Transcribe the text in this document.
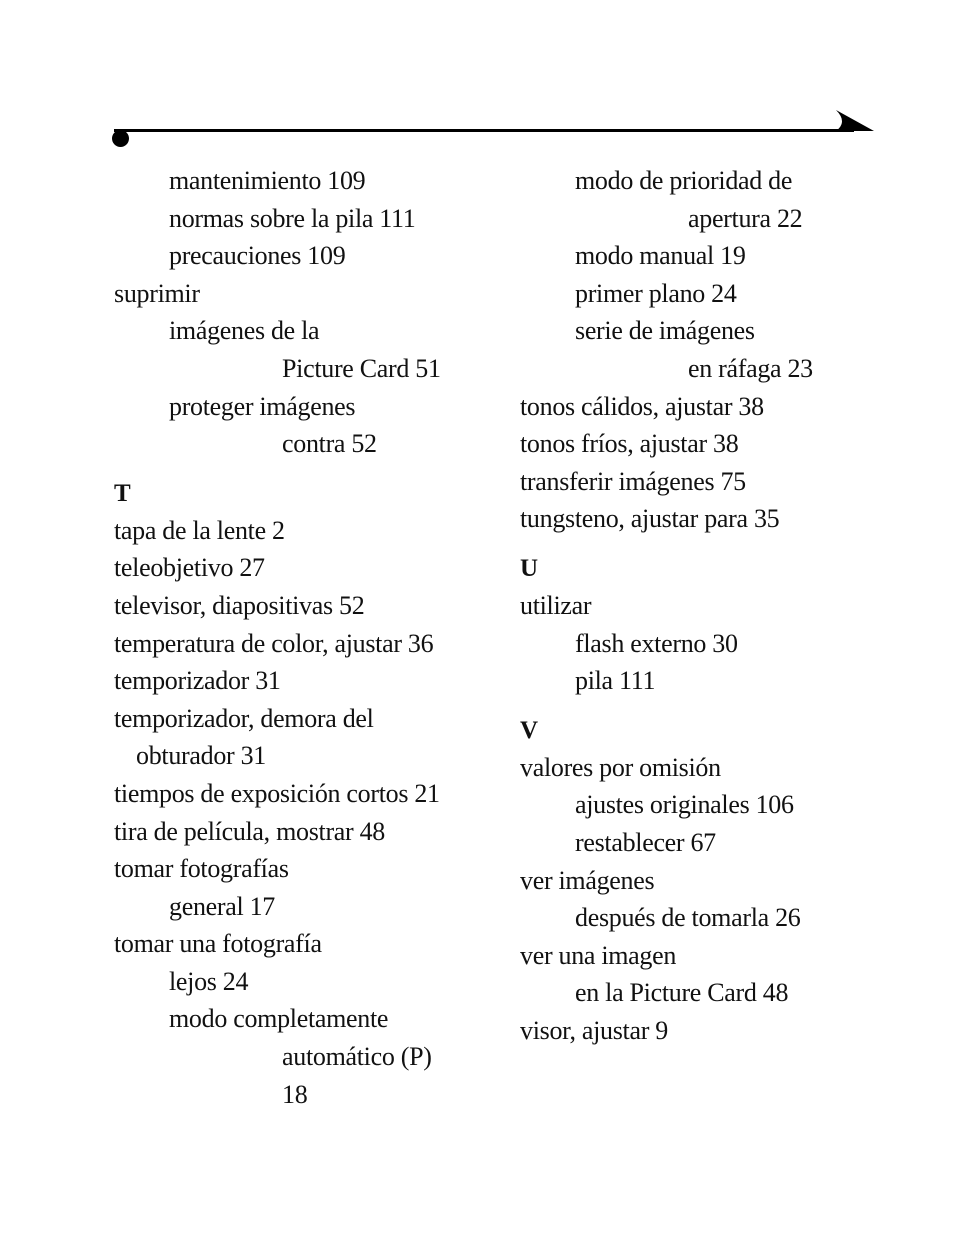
mantenimiento 109
normas sobre la pila 111
precauciones 109
suprimir
imágenes de la
Picture Card 51
proteger imágenes
contra 52
T
tapa de la lente 2
teleobjetivo 27
televisor, diapositivas 52
temperatura de color, ajustar 36
temporizador 31
temporizador, demora del
obturador 31
tiempos de exposición cortos 21
tira de película, mostrar 48
tomar fotografías
general 17
tomar una fotografía
lejos 24
modo completamente
automático (P)
18
modo de prioridad de
apertura 22
modo manual 19
primer plano 24
serie de imágenes
en ráfaga 23
tonos cálidos, ajustar 38
tonos fríos, ajustar 38
transferir imágenes 75
tungsteno, ajustar para 35
U
utilizar
flash externo 30
pila 111
V
valores por omisión
ajustes originales 106
restablecer 67
ver imágenes
después de tomarla 26
ver una imagen
en la Picture Card 48
visor, ajustar 9
